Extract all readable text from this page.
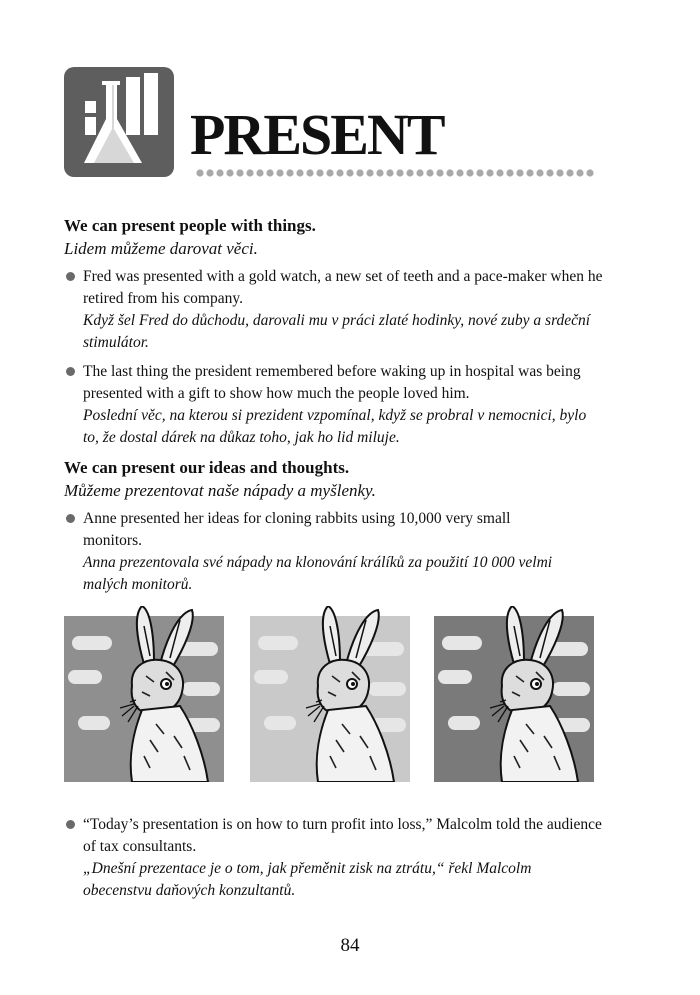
PRESENT
We can present people with things.
Lidem můžeme darovat věci.
Fred was presented with a gold watch, a new set of teeth and a pace-maker when he retired from his company.
Když šel Fred do důchodu, darovali mu v práci zlaté hodinky, nové zuby a srdeční stimulátor.
The last thing the president remembered before waking up in hospital was being presented with a gift to show how much the people loved him.
Poslední věc, na kterou si prezident vzpomínal, když se probral v nemocnici, bylo to, že dostal dárek na důkaz toho, jak ho lid miluje.
We can present our ideas and thoughts.
Můžeme prezentovat naše nápady a myšlenky.
Anne presented her ideas for cloning rabbits using 10,000 very small monitors.
Anna prezentovala své nápady na klonování králíků za použití 10 000 velmi malých monitorů.
“Today’s presentation is on how to turn profit into loss,” Malcolm told the audience of tax consultants.
„Dnešní prezentace je o tom, jak přeměnit zisk na ztrátu,“ řekl Malcolm obecenstvu daňových konzultantů.
84
